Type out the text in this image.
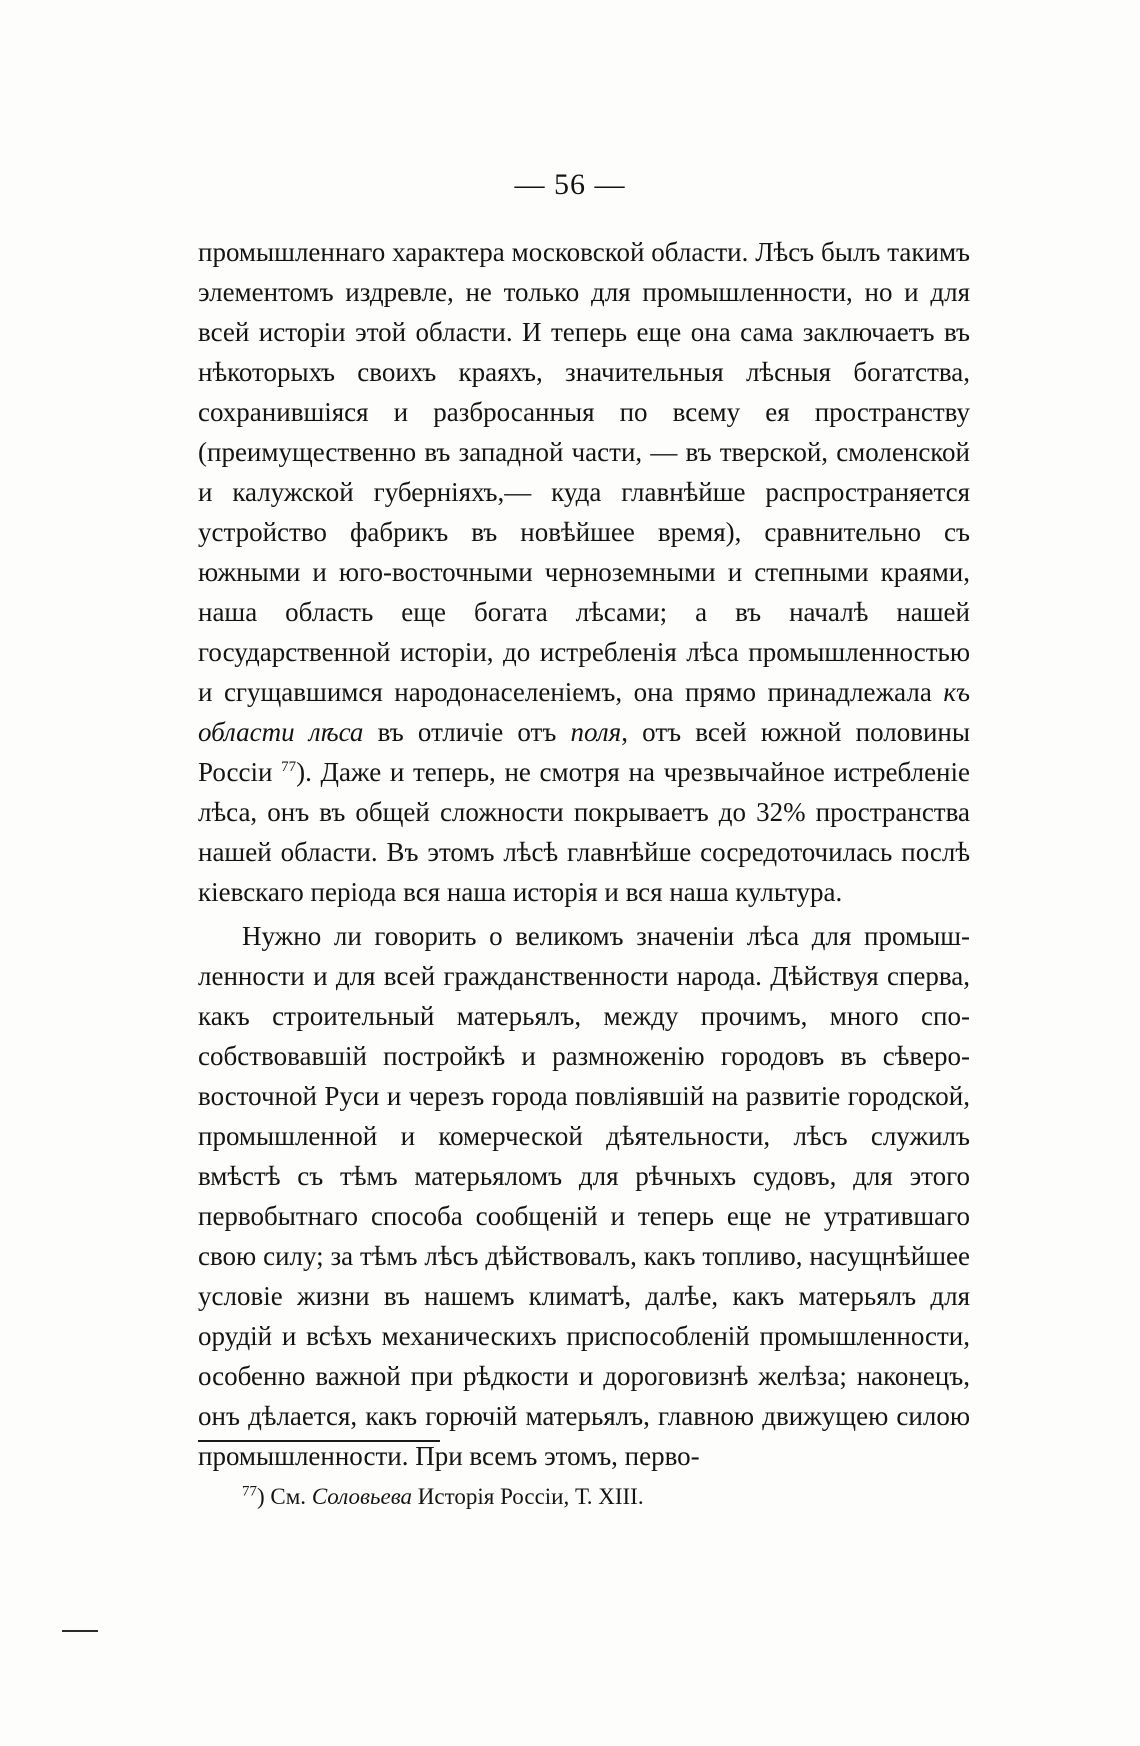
— 56 —

промышленнаго характера московской области. Лѣсъ былъ такимъ элементомъ издревле, не только для промышленности, но и для всей исторіи этой области. И теперь еще она сама заключаетъ въ нѣкоторыхъ своихъ краяхъ, значительныя лѣсныя богатства, сохранившіяся и разбросанныя по всему ея пространству (преимущественно въ западной части, — въ тверской, смоленской и калужской губерніяхъ,— куда главнѣйше распространяется устройство фабрикъ въ новѣйшее время), сравнительно съ южными и юго-восточными черноземными и степными краями, наша область еще богата лѣсами; а въ началѣ нашей государственной исторіи, до истребленія лѣса промышленностью и сгущавшимся народонаселеніемъ, она прямо принадлежала къ области лѣса въ отличіе отъ поля, отъ всей южной половины Россіи $^{77}$). Даже и теперь, не смотря на чрезвычайное истребленіе лѣса, онъ въ общей сложности покрываетъ до 32% пространства нашей области. Въ этомъ лѣсѣ главнѣйше сосредоточилась послѣ кіевскаго періода вся наша исторія и вся наша культура.

Нужно ли говорить о великомъ значеніи лѣса для промышленности и для всей гражданственности народа. Дѣйствуя сперва, какъ строительный матерьялъ, между прочимъ, много способствовавшій постройкѣ и размноженію городовъ въ сѣверовосточной Руси и черезъ города повліявшій на развитіе городской, промышленной и комерческой дѣятельности, лѣсъ служилъ вмѣстѣ съ тѣмъ матерьяломъ для рѣчныхъ судовъ, для этого первобытнаго способа сообщеній и теперь еще не утратившaго свою силу; за тѣмъ лѣсъ дѣйствовалъ, какъ топливо, насущнѣйшее условіе жизни въ нашемъ климатѣ, далѣе, какъ матерьялъ для орудій и всѣхъ механическихъ приспособленій промышленности, особенно важной при рѣдкости и дороговизнѣ желѣза; наконецъ, онъ дѣлается, какъ горючій матерьялъ, главною движущею силою промышленности. При всемъ этомъ, перво-

$^{77}$) См. Соловьева Исторія Россіи, Т. XIII.
